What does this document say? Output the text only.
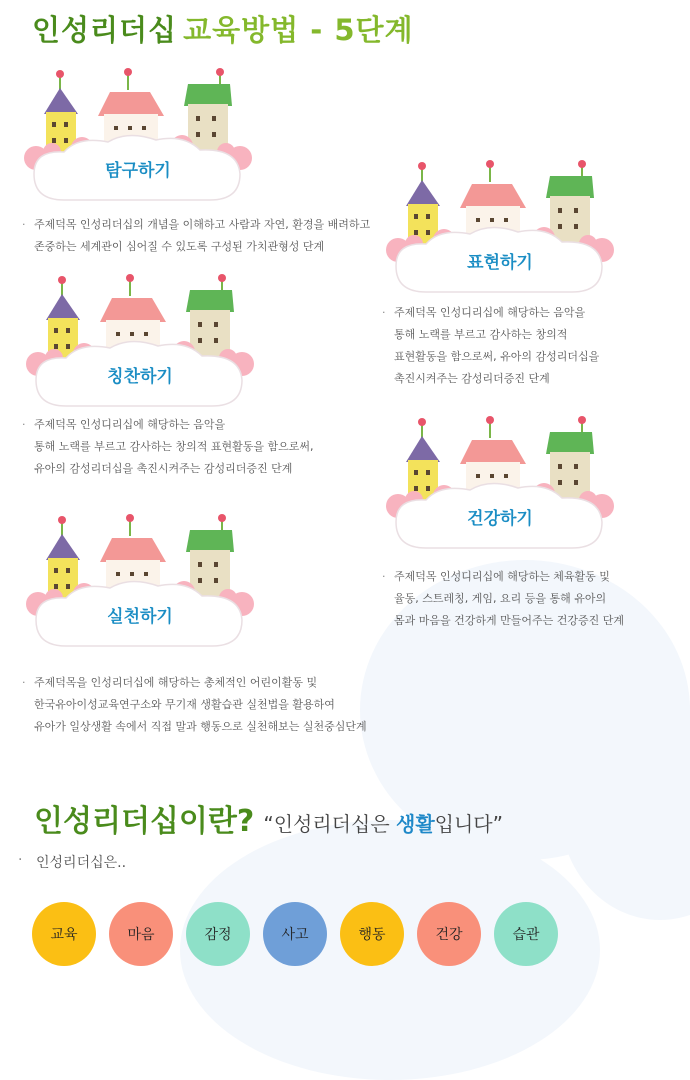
인성리더십 교육방법 - 5단계
탐구하기
표현하기
칭찬하기
건강하기
실천하기
· 주제덕목 인성리더십의 개념을 이해하고 사람과 자연, 환경을 배려하고
존중하는 세계관이 심어질 수 있도록 구성된 가치관형성 단계
· 주제덕목 인성디리십에 해당하는 음악을
통해 노랙를 부르고 감사하는 창의적
표현활동을 함으로써, 유아의 감성리더십을
촉진시켜주는 감성리더증진 단계
· 주제덕목 인성디리십에 해당하는 음악을
통해 노랙를 부르고 감사하는 창의적 표현활동을 함으로써,
유아의 감성리더십을 촉진시켜주는 감성리더증진 단계
· 주제덕목 인성디리십에 해당하는 체육활동 및
율동, 스트레칭, 게임, 요리 등을 통해 유아의
몸과 마음을 건강하게 만들어주는 건강증진 단계
· 주제덕목을 인성리더십에 해당하는 총체적인 어린이활동 및
한국유아이성교육연구소와 무기재 생활습관 실천법을 활용하여
유아가 일상생활 속에서 직접 말과 행동으로 실천해보는 실천중심단계
인성리더십이란? “인성리더십은 생활입니다”
· 인성리더십은..
교육	마음	감정	사고	행동	건강	습관
